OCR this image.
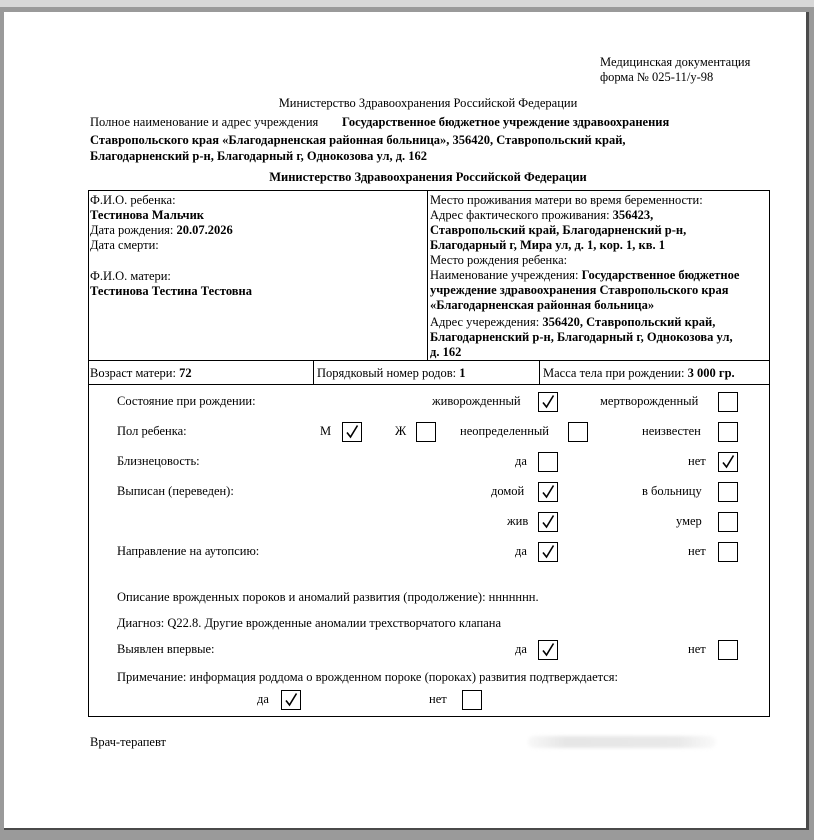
Медицинская документация
форма № 025-11/у-98
Министерство Здравоохранения Российской Федерации
Полное наименование и адрес учреждения Государственное бюджетное учреждение здравоохранения
Ставропольского края «Благодарненская районная больница», 356420, Ставропольский край,
Благодарненский р-н, Благодарный г, Однокозова ул, д. 162
Министерство Здравоохранения Российской Федерации
Ф.И.О. ребенка:
Тестинова Мальчик
Дата рождения: 20.07.2026
Дата смерти:
Ф.И.О. матери:
Тестинова Тестина Тестовна
Место проживания матери во время беременности:
Адрес фактического проживания: 356423,
Ставропольский край, Благодарненский р-н,
Благодарный г, Мира ул, д. 1, кор. 1, кв. 1
Место рождения ребенка:
Наименование учреждения: Государственное бюджетное
учреждение здравоохранения Ставропольского края
«Благодарненская районная больница»
Адрес учереждения: 356420, Ставропольский край,
Благодарненский р-н, Благодарный г, Однокозова ул,
д. 162
Возраст матери: 72	Порядковый номер родов: 1	Масса тела при рождении: 3 000 гр.
Состояние при рождении:	живорожденный	мертворожденный
Пол ребенка:	М	Ж	неопределенный	неизвестен
Близнецовость:	да	нет
Выписан (переведен):	домой	в больницу
жив	умер
Направление на аутопсию:	да	нет
Описание врожденных пороков и аномалий развития (продолжение): ннннннн.
Диагноз: Q22.8. Другие врожденные аномалии трехстворчатого клапана
Выявлен впервые:	да	нет
Примечание: информация роддома о врожденном пороке (пороках) развития подтверждается:
да	нет
Врач-терапевт
